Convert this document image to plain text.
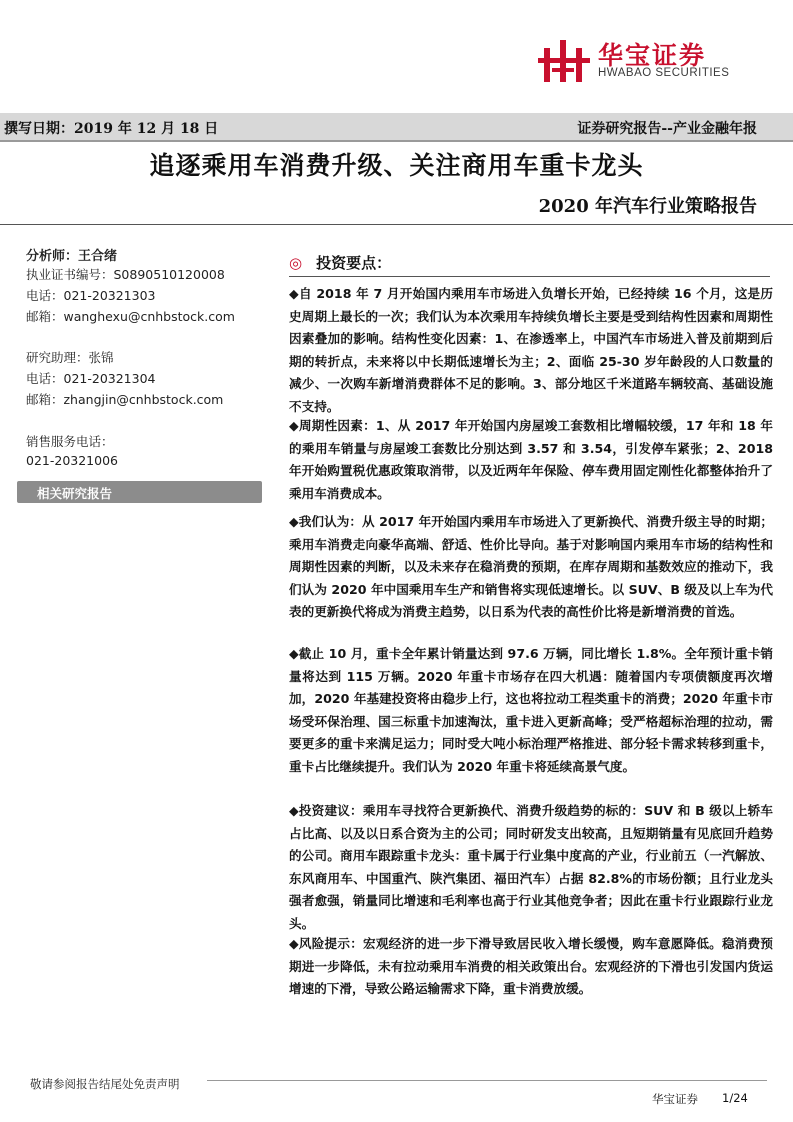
华宝证券
HWABAO SECURITIES
撰写日期：2019 年 12 月 18 日	证券研究报告--产业金融年报
追逐乘用车消费升级、关注商用车重卡龙头
2020 年汽车行业策略报告
分析师：王合绪
执业证书编号：S0890510120008
电话：021-20321303
邮箱：wanghexu@cnhbstock.com
研究助理：张锦
电话：021-20321304
邮箱：zhangjin@cnhbstock.com
销售服务电话：
021-20321006
相关研究报告
◎ 投资要点：
◆自 2018 年 7 月开始国内乘用车市场进入负增长开始，已经持续 16 个月，这是历史周期上最长的一次；我们认为本次乘用车持续负增长主要是受到结构性因素和周期性因素叠加的影响。结构性变化因素：1、在渗透率上，中国汽车市场进入普及前期到后期的转折点，未来将以中长期低速增长为主；2、面临 25-30 岁年龄段的人口数量的减少、一次购车新增消费群体不足的影响。3、部分地区千米道路车辆较高、基础设施不支持。
◆周期性因素：1、从 2017 年开始国内房屋竣工套数相比增幅较缓，17 年和 18 年的乘用车销量与房屋竣工套数比分别达到 3.57 和 3.54，引发停车紧张；2、2018 年开始购置税优惠政策取消带，以及近两年年保险、停车费用固定刚性化都整体抬升了乘用车消费成本。
◆我们认为：从 2017 年开始国内乘用车市场进入了更新换代、消费升级主导的时期；乘用车消费走向豪华高端、舒适、性价比导向。基于对影响国内乘用车市场的结构性和周期性因素的判断，以及未来存在稳消费的预期，在库存周期和基数效应的推动下，我们认为 2020 年中国乘用车生产和销售将实现低速增长。以 SUV、B 级及以上车为代表的更新换代将成为消费主趋势，以日系为代表的高性价比将是新增消费的首选。
◆截止 10 月，重卡全年累计销量达到 97.6 万辆，同比增长 1.8%。全年预计重卡销量将达到 115 万辆。2020 年重卡市场存在四大机遇：随着国内专项债额度再次增加，2020 年基建投资将由稳步上行，这也将拉动工程类重卡的消费；2020 年重卡市场受环保治理、国三标重卡加速淘汰，重卡进入更新高峰；受严格超标治理的拉动，需要更多的重卡来满足运力；同时受大吨小标治理严格推进、部分轻卡需求转移到重卡，重卡占比继续提升。我们认为 2020 年重卡将延续高景气度。
◆投资建议：乘用车寻找符合更新换代、消费升级趋势的标的：SUV 和 B 级以上轿车占比高、以及以日系合资为主的公司；同时研发支出较高，且短期销量有见底回升趋势的公司。商用车跟踪重卡龙头：重卡属于行业集中度高的产业，行业前五（一汽解放、东风商用车、中国重汽、陕汽集团、福田汽车）占据 82.8%的市场份额；且行业龙头强者愈强，销量同比增速和毛利率也高于行业其他竞争者；因此在重卡行业跟踪行业龙头。
◆风险提示：宏观经济的进一步下滑导致居民收入增长缓慢，购车意愿降低。稳消费预期进一步降低，未有拉动乘用车消费的相关政策出台。宏观经济的下滑也引发国内货运增速的下滑，导致公路运输需求下降，重卡消费放缓。
敬请参阅报告结尾处免责声明
华宝证券 1/24
